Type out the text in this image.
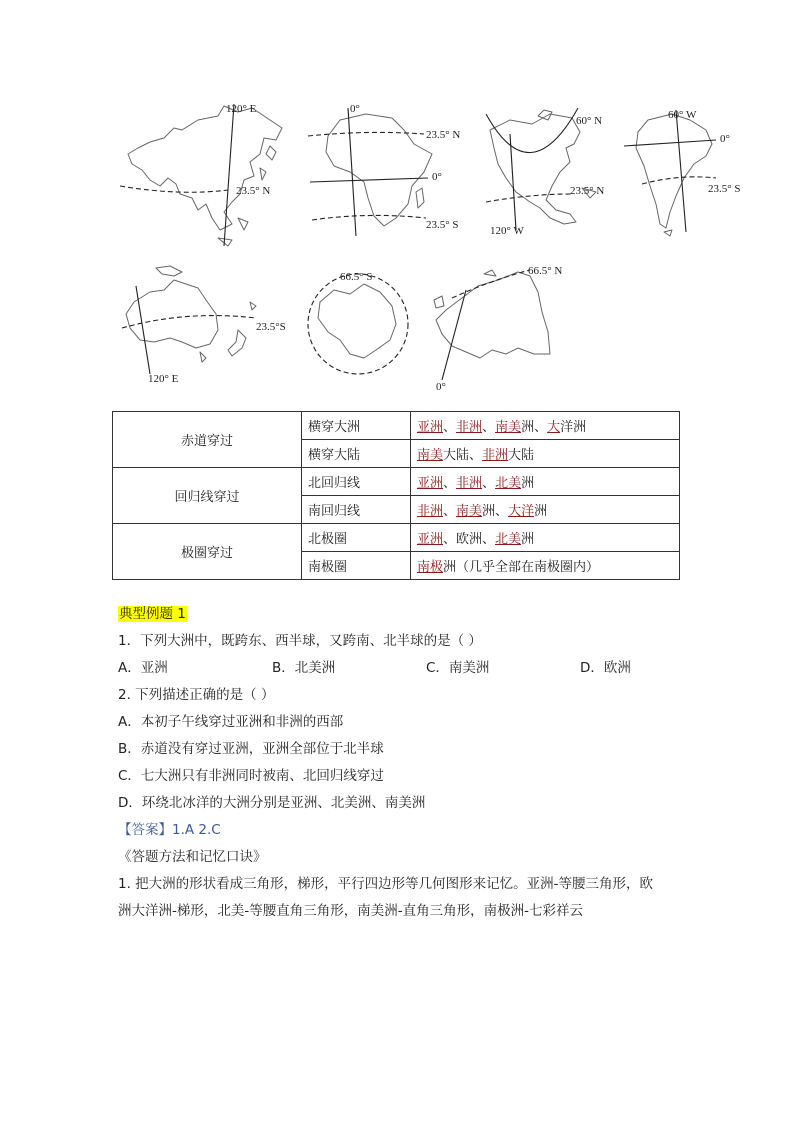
120° E
23.5° N
0°
23.5° N
0°
23.5° S
60° N
23.5° N
120° W
60° W
0°
23.5° S
23.5°S
120° E
66.5° S	66.5° N
0°
赤道穿过	横穿大洲	亚洲、非洲、南美洲、大洋洲
	横穿大陆	南美大陆、非洲大陆
回归线穿过	北回归线	亚洲、非洲、北美洲
	南回归线	非洲、南美洲、大洋洲
极圈穿过	北极圈	亚洲、欧洲、北美洲
	南极圈	南极洲（几乎全部在南极圈内）
典型例题 1
1．下列大洲中，既跨东、西半球，又跨南、北半球的是（ ）
A．亚洲	B．北美洲	C．南美洲	D．欧洲
2. 下列描述正确的是（ ）
A．本初子午线穿过亚洲和非洲的西部
B．赤道没有穿过亚洲，亚洲全部位于北半球
C．七大洲只有非洲同时被南、北回归线穿过
D．环绕北冰洋的大洲分别是亚洲、北美洲、南美洲
【答案】1.A 2.C
《答题方法和记忆口诀》
1. 把大洲的形状看成三角形，梯形，平行四边形等几何图形来记忆。亚洲-等腰三角形，欧
洲大洋洲-梯形，北美-等腰直角三角形，南美洲-直角三角形，南极洲-七彩祥云
